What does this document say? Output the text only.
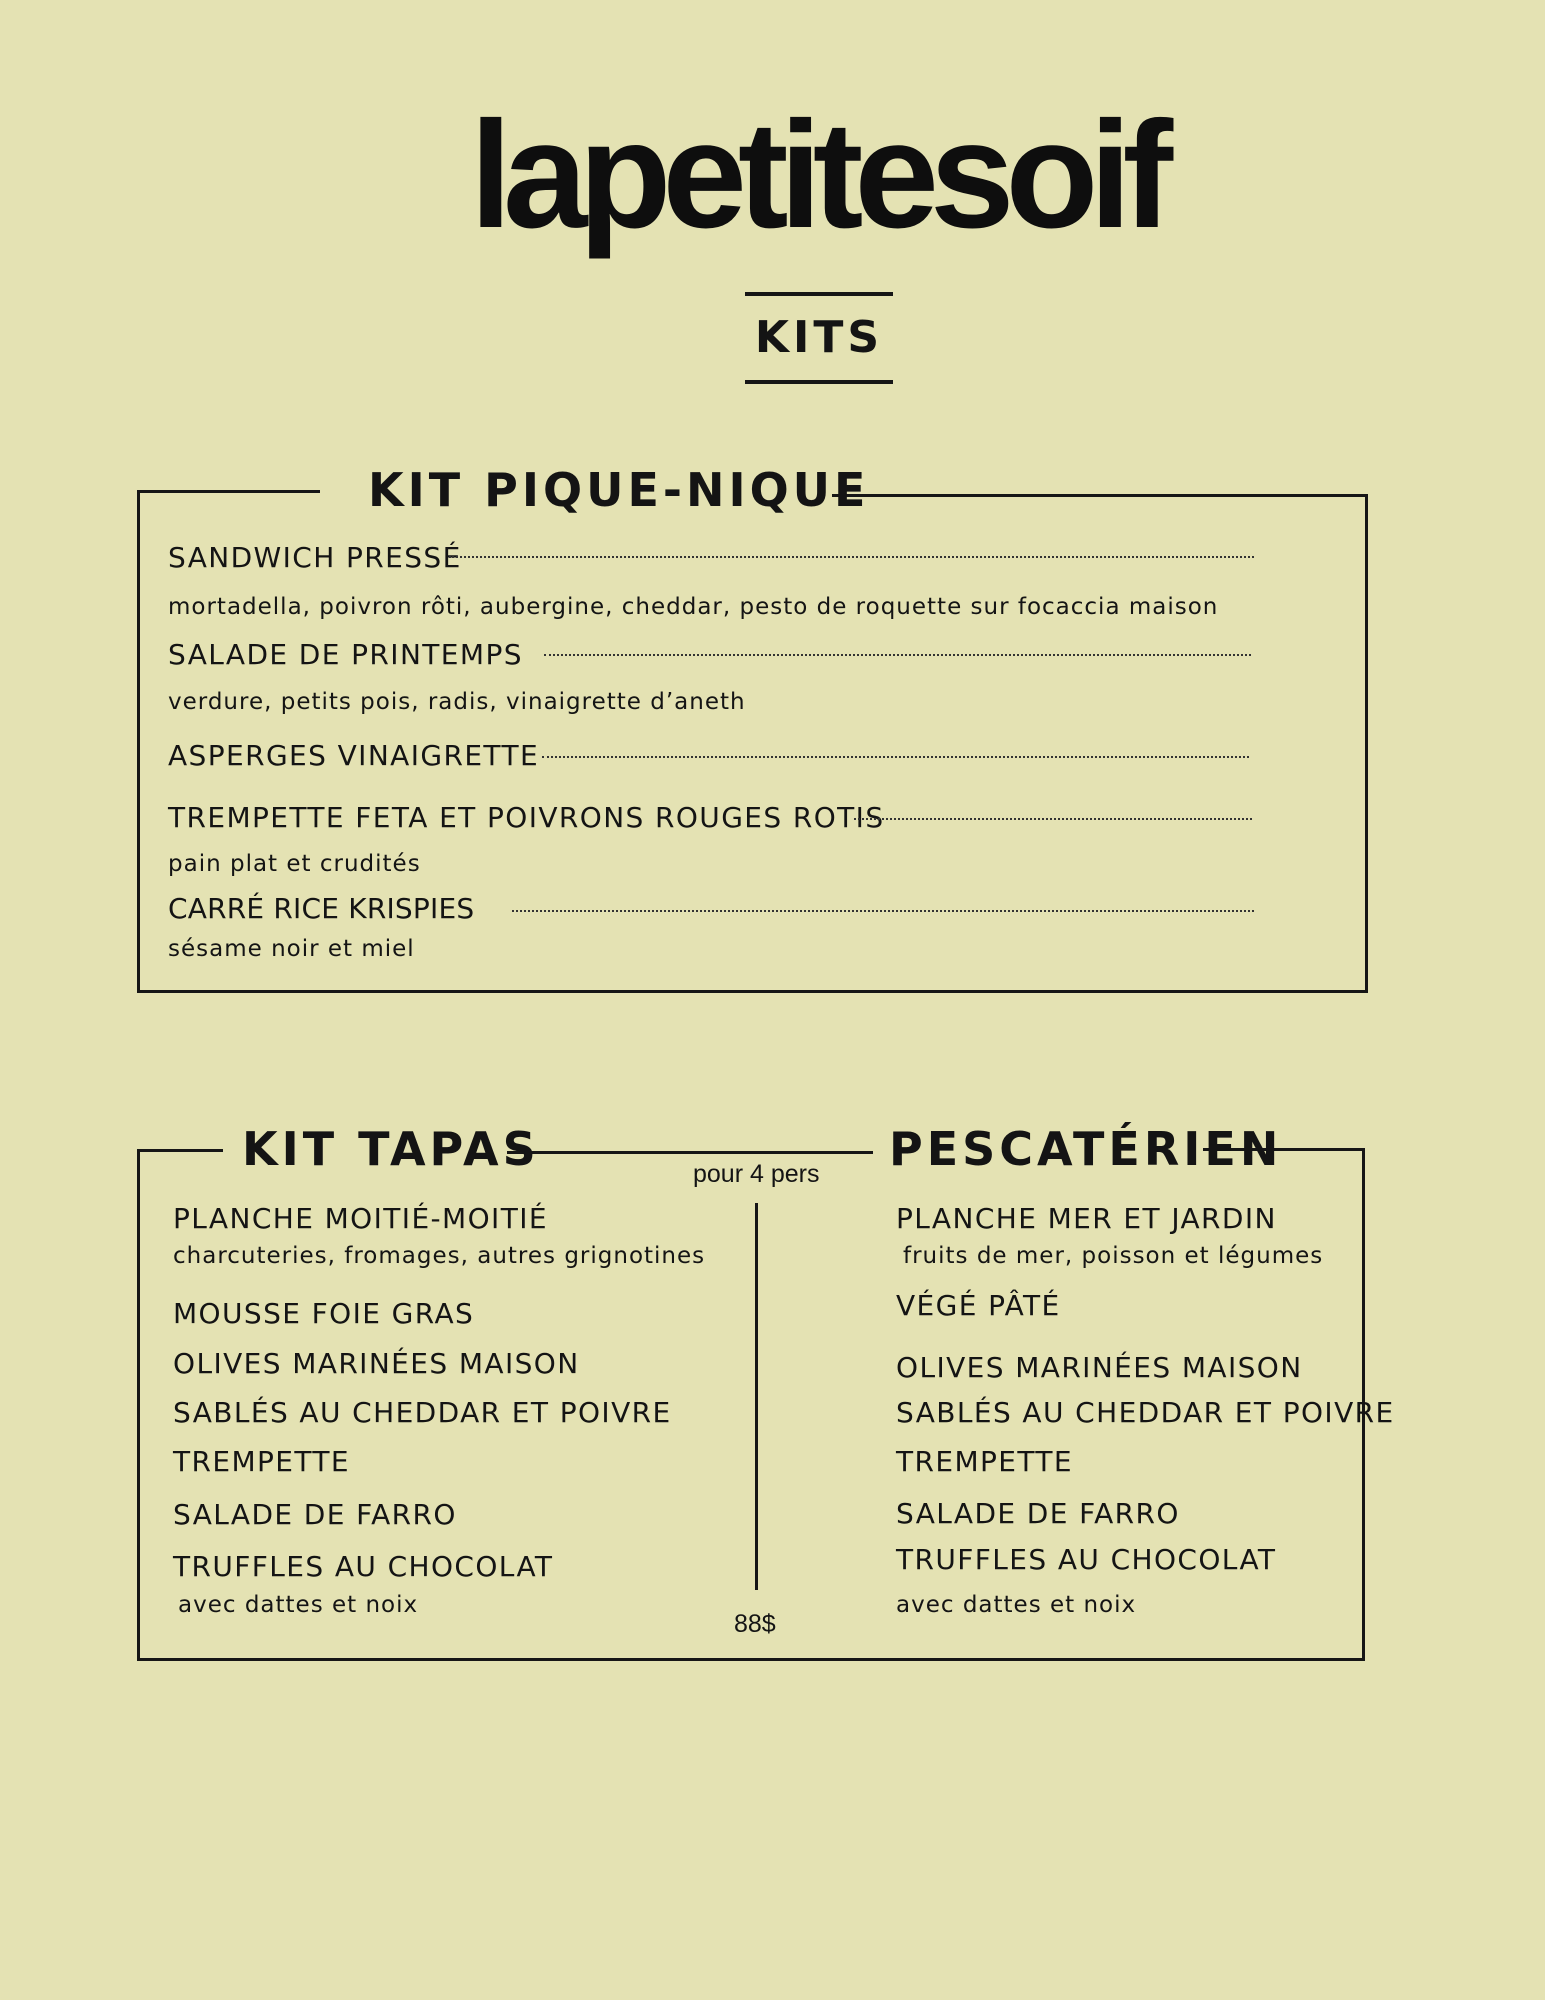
lapetitesoif
KITS
KIT PIQUE-NIQUE
SANDWICH PRESSÉ
mortadella, poivron rôti, aubergine, cheddar, pesto de roquette sur focaccia maison
SALADE DE PRINTEMPS
verdure, petits pois, radis, vinaigrette d’aneth
ASPERGES VINAIGRETTE
TREMPETTE FETA ET POIVRONS ROUGES ROTIS
pain plat et crudités
CARRÉ RICE KRISPIES
sésame noir et miel
KIT TAPAS	PESCATÉRIEN
pour 4 pers
88$
PLANCHE MOITIÉ-MOITIÉ
charcuteries, fromages, autres grignotines
MOUSSE FOIE GRAS
OLIVES MARINÉES MAISON
SABLÉS AU CHEDDAR ET POIVRE
TREMPETTE
SALADE DE FARRO
TRUFFLES AU CHOCOLAT
avec dattes et noix
PLANCHE MER ET JARDIN
fruits de mer, poisson et légumes
VÉGÉ PÂTÉ
OLIVES MARINÉES MAISON
SABLÉS AU CHEDDAR ET POIVRE
TREMPETTE
SALADE DE FARRO
TRUFFLES AU CHOCOLAT
avec dattes et noix
